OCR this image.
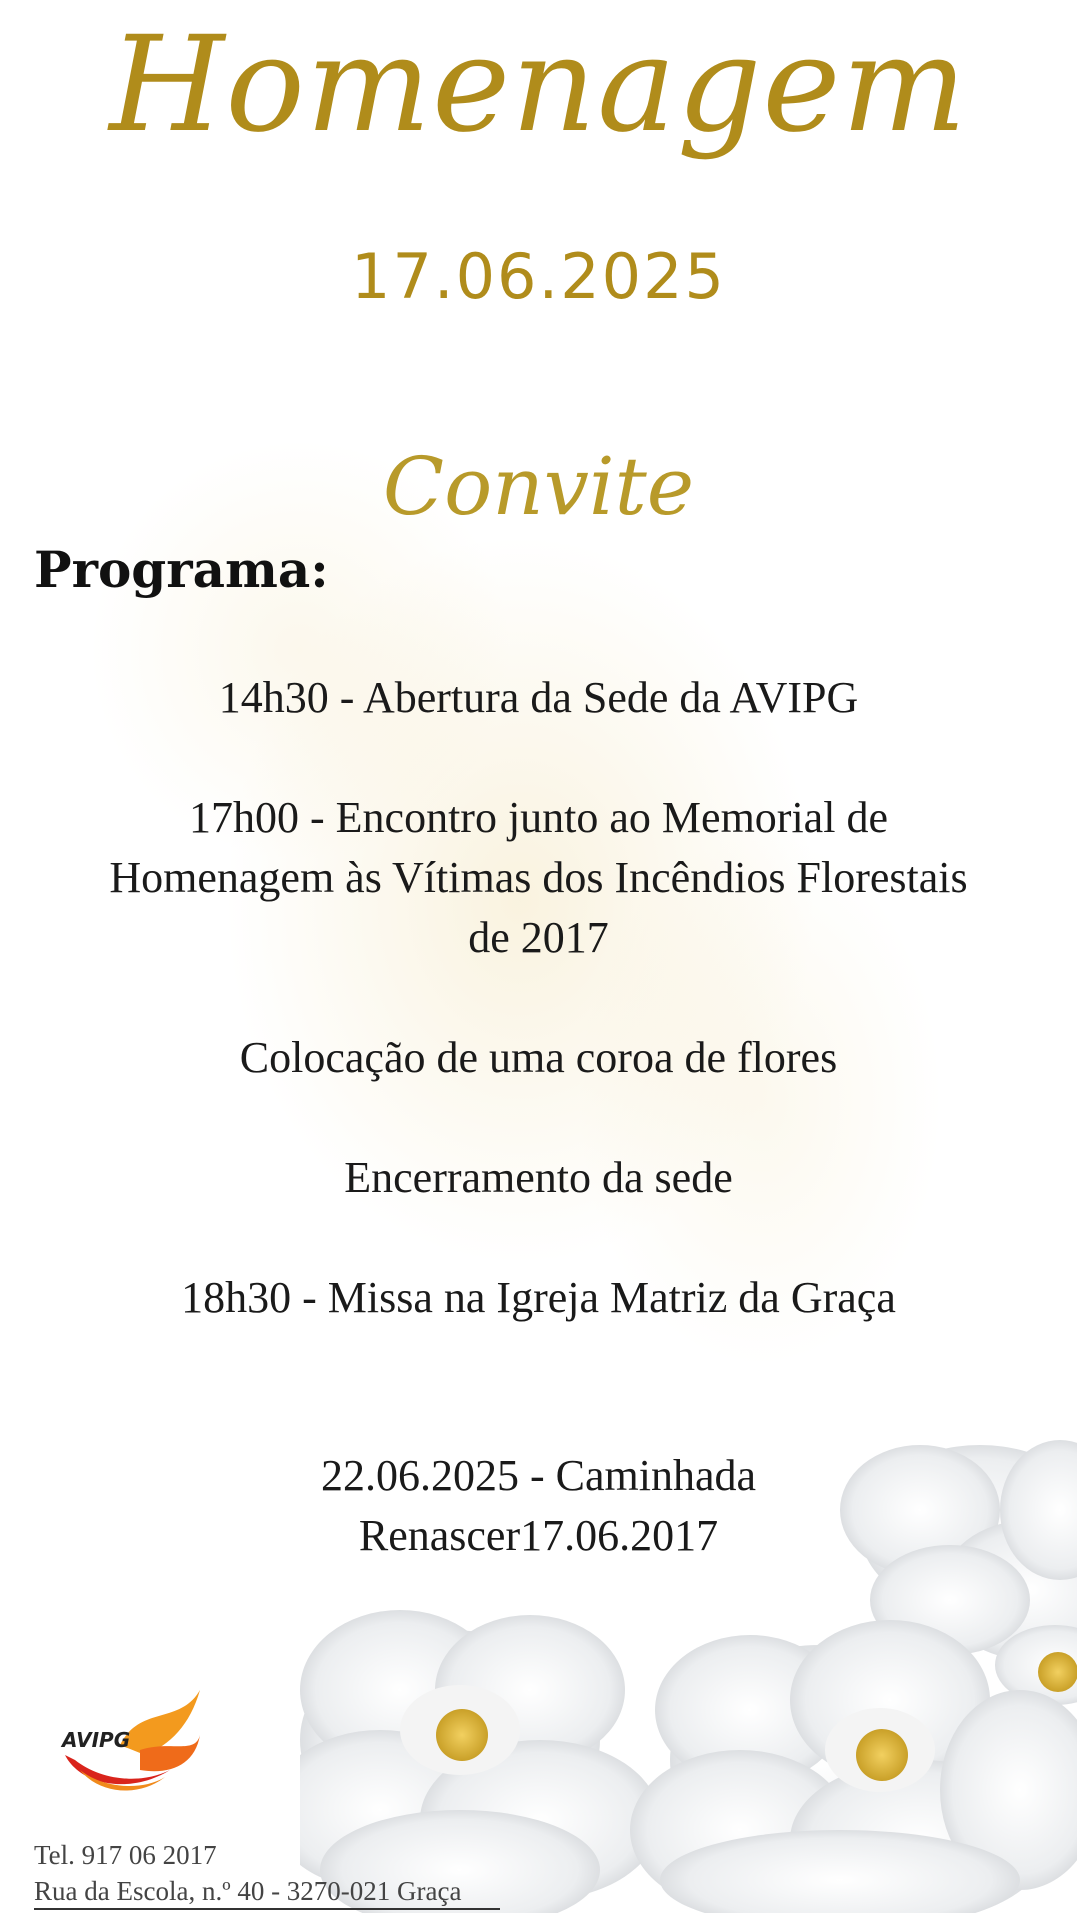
Homenagem
17.06.2025
Convite
Programa:
14h30 - Abertura da Sede da AVIPG
17h00 - Encontro junto ao Memorial de
Homenagem às Vítimas dos Incêndios Florestais
de 2017
Colocação de uma coroa de flores
Encerramento da sede
18h30 - Missa na Igreja Matriz da Graça
22.06.2025 - Caminhada
Renascer17.06.2017
AVIPG
Tel. 917 06 2017
Rua da Escola, n.º 40 - 3270-021 Graça
